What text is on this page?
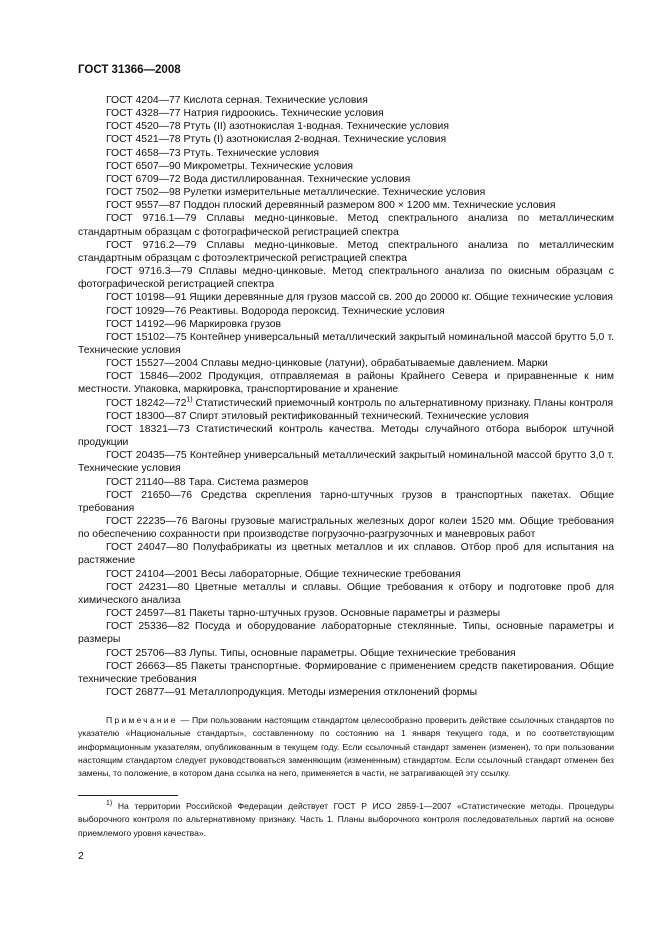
ГОСТ 31366—2008

ГОСТ 4204—77 Кислота серная. Технические условия

ГОСТ 4328—77 Натрия гидроокись. Технические условия

ГОСТ 4520—78 Ртуть (II) азотнокислая 1-водная. Технические условия

ГОСТ 4521—78 Ртуть (I) азотнокислая 2-водная. Технические условия

ГОСТ 4658—73 Ртуть. Технические условия

ГОСТ 6507—90 Микрометры. Технические условия

ГОСТ 6709—72 Вода дистиллированная. Технические условия

ГОСТ 7502—98 Рулетки измерительные металлические. Технические условия

ГОСТ 9557—87 Поддон плоский деревянный размером 800 × 1200 мм. Технические условия

ГОСТ 9716.1—79 Сплавы медно-цинковые. Метод спектрального анализа по металлическим стандартным образцам с фотографической регистрацией спектра

ГОСТ 9716.2—79 Сплавы медно-цинковые. Метод спектрального анализа по металлическим стандартным образцам с фотоэлектрической регистрацией спектра

ГОСТ 9716.3—79 Сплавы медно-цинковые. Метод спектрального анализа по окисным образцам с фотографической регистрацией спектра

ГОСТ 10198—91 Ящики деревянные для грузов массой св. 200 до 20000 кг. Общие технические условия

ГОСТ 10929—76 Реактивы. Водорода пероксид. Технические условия

ГОСТ 14192—96 Маркировка грузов

ГОСТ 15102—75 Контейнер универсальный металлический закрытый номинальной массой брутто 5,0 т. Технические условия

ГОСТ 15527—2004 Сплавы медно-цинковые (латуни), обрабатываемые давлением. Марки

ГОСТ 15846—2002 Продукция, отправляемая в районы Крайнего Севера и приравненные к ним местности. Упаковка, маркировка, транспортирование и хранение

ГОСТ 18242—72$^{1)}$ Статистический приемочный контроль по альтернативному признаку. Планы контроля

ГОСТ 18300—87 Спирт этиловый ректификованный технический. Технические условия

ГОСТ 18321—73 Статистический контроль качества. Методы случайного отбора выборок штучной продукции

ГОСТ 20435—75 Контейнер универсальный металлический закрытый номинальной массой брутто 3,0 т. Технические условия

ГОСТ 21140—88 Тара. Система размеров

ГОСТ 21650—76 Средства скрепления тарно-штучных грузов в транспортных пакетах. Общие требования

ГОСТ 22235—76 Вагоны грузовые магистральных железных дорог колеи 1520 мм. Общие требования по обеспечению сохранности при производстве погрузочно-разгрузочных и маневровых работ

ГОСТ 24047—80 Полуфабрикаты из цветных металлов и их сплавов. Отбор проб для испытания на растяжение

ГОСТ 24104—2001 Весы лабораторные. Общие технические требования

ГОСТ 24231—80 Цветные металлы и сплавы. Общие требования к отбору и подготовке проб для химического анализа

ГОСТ 24597—81 Пакеты тарно-штучных грузов. Основные параметры и размеры

ГОСТ 25336—82 Посуда и оборудование лабораторные стеклянные. Типы, основные параметры и размеры

ГОСТ 25706—83 Лупы. Типы, основные параметры. Общие технические требования

ГОСТ 26663—85 Пакеты транспортные. Формирование с применением средств пакетирования. Общие технические требования

ГОСТ 26877—91 Металлопродукция. Методы измерения отклонений формы

Примечание — При пользовании настоящим стандартом целесообразно проверить действие ссылочных стандартов по указателю «Национальные стандарты», составленному по состоянию на 1 января текущего года, и по соответствующим информационным указателям, опубликованным в текущем году. Если ссылочный стандарт заменен (изменен), то при пользовании настоящим стандартом следует руководствоваться заменяющим (измененным) стандартом. Если ссылочный стандарт отменен без замены, то положение, в котором дана ссылка на него, применяется в части, не затрагивающей эту ссылку.

$^{1)}$ На территории Российской Федерации действует ГОСТ Р ИСО 2859-1—2007 «Статистические методы. Процедуры выборочного контроля по альтернативному признаку. Часть 1. Планы выборочного контроля последовательных партий на основе приемлемого уровня качества».

2
